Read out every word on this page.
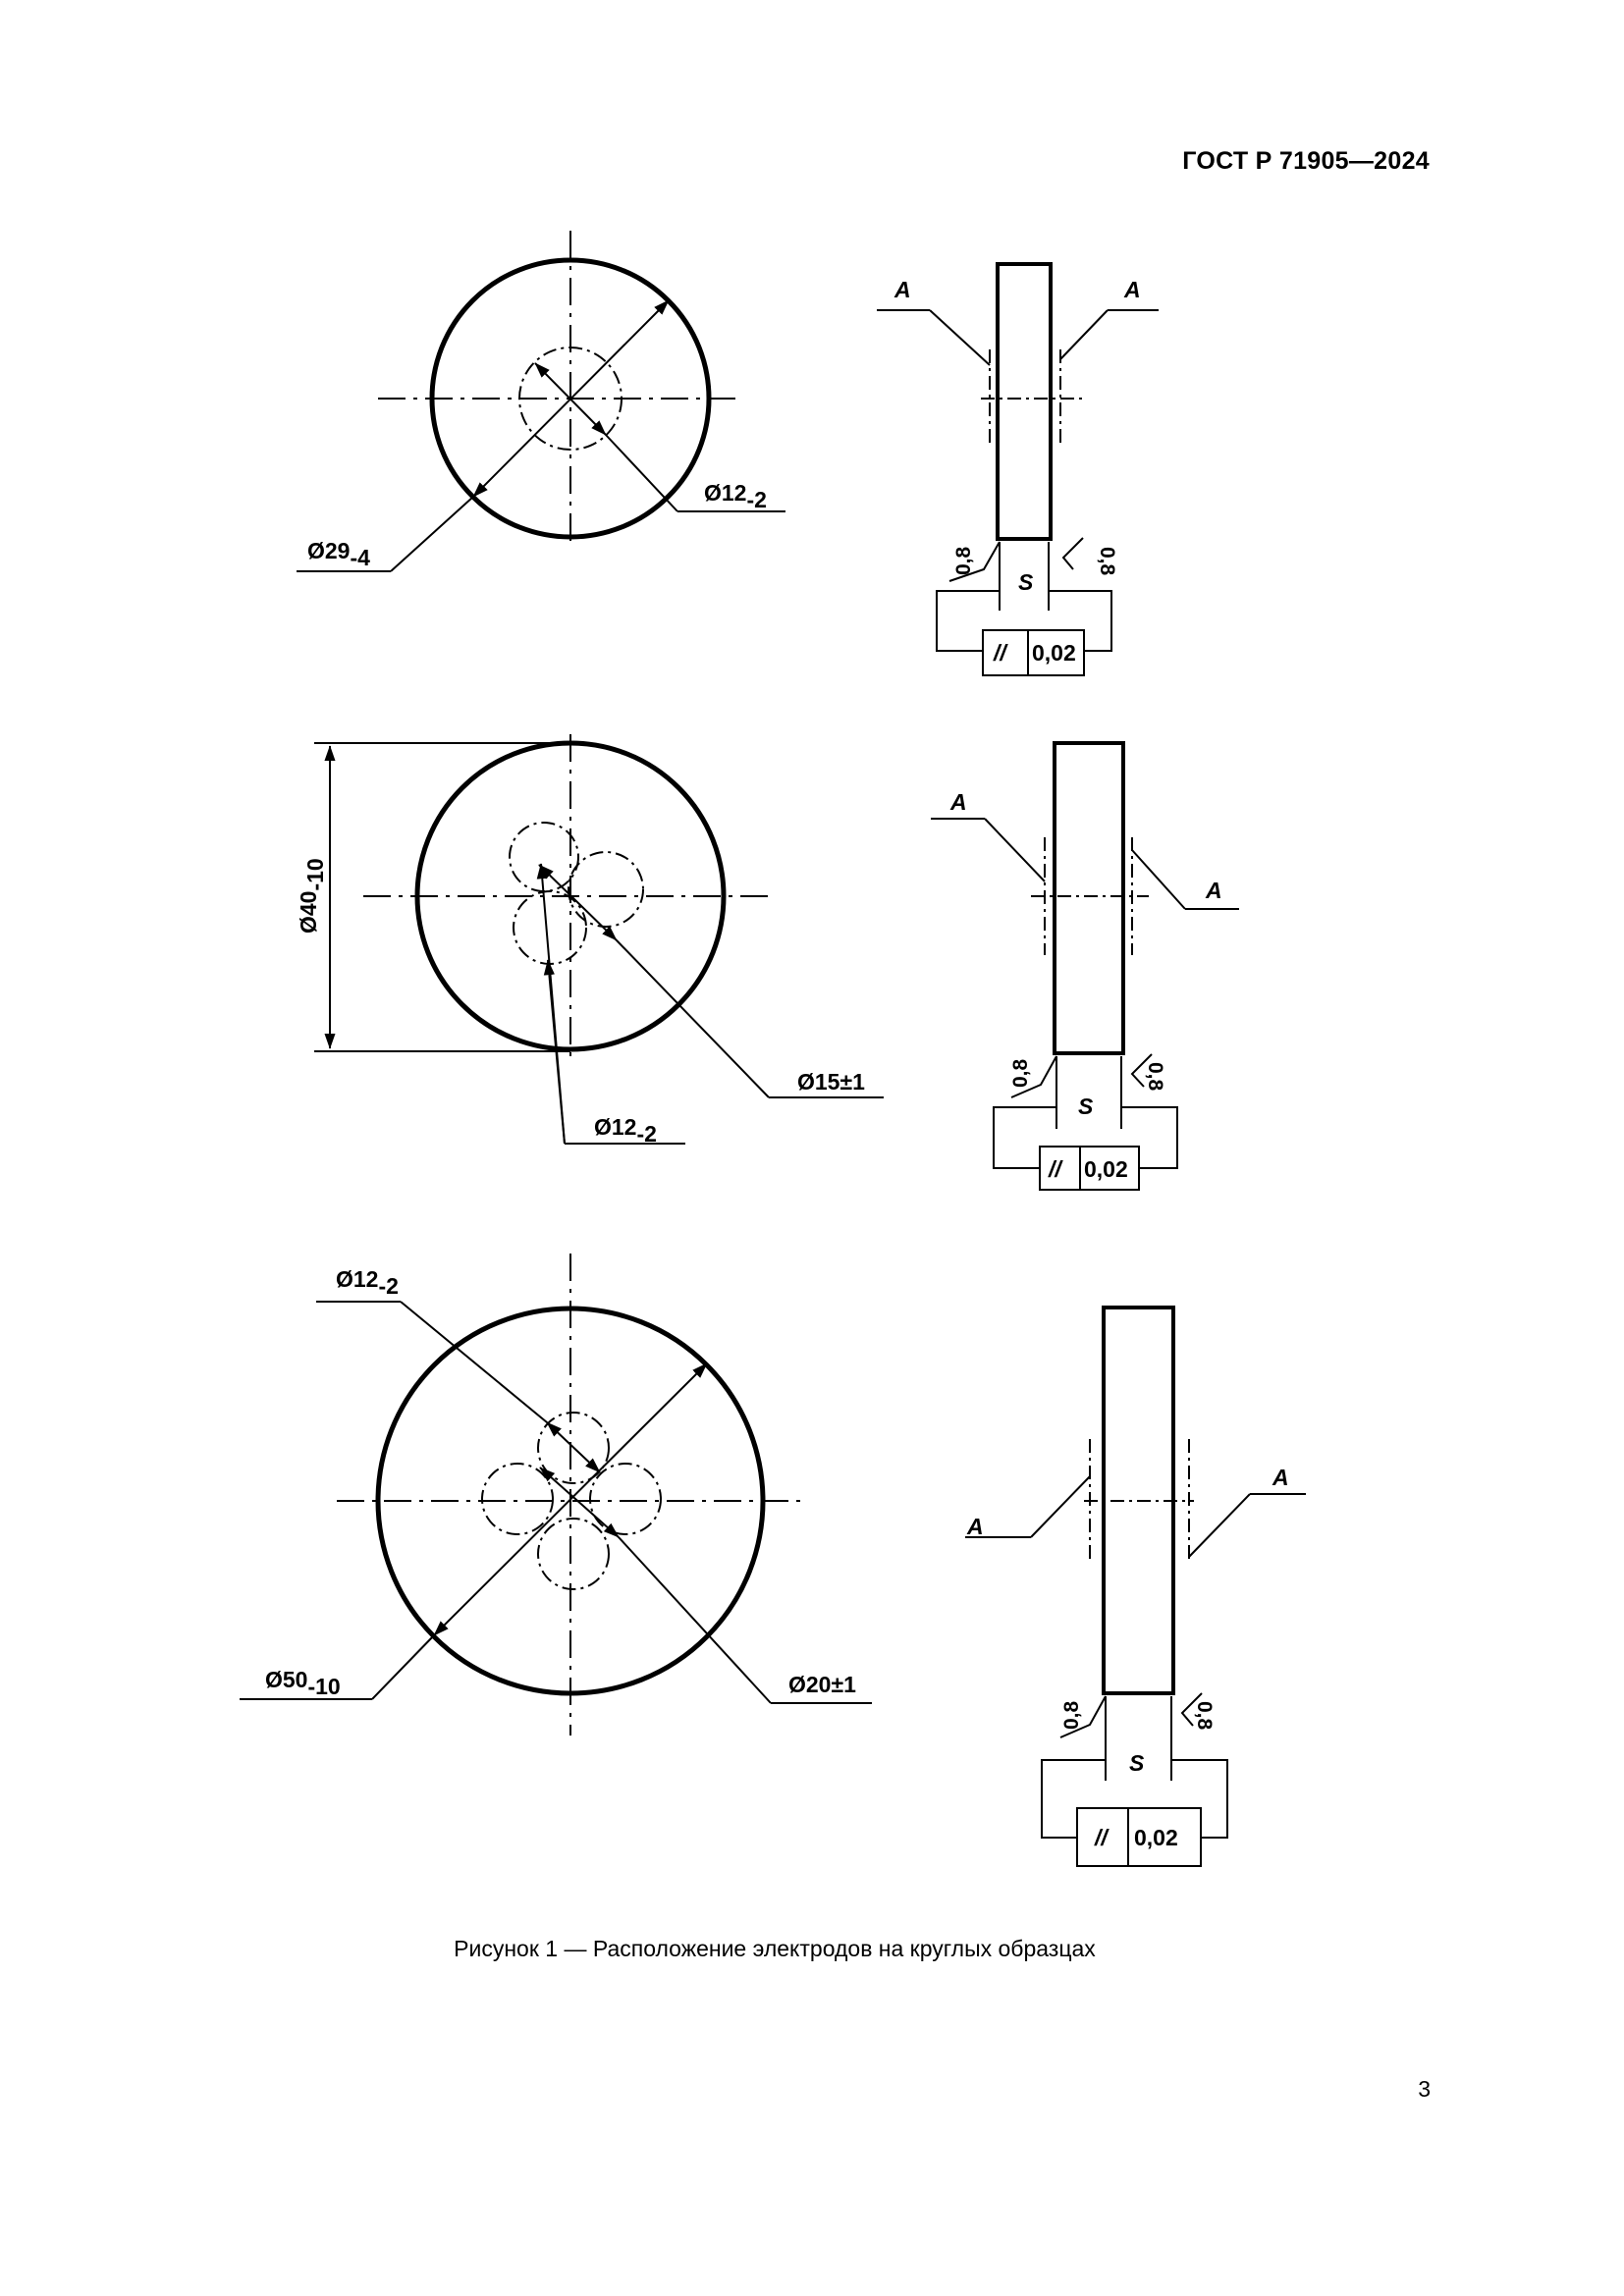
ГОСТ Р 71905—2024
Ø29-4
Ø12-2
A	A
0,8	0,8
S
// 0,02
Ø40-10
Ø15±1
Ø12-2
A
A
0,8	0,8
S
// 0,02
Ø50-10
Ø12-2
Ø20±1
A
A
0,8	0,8
S
// 0,02
Рисунок 1 — Расположение электродов на круглых образцах
3
